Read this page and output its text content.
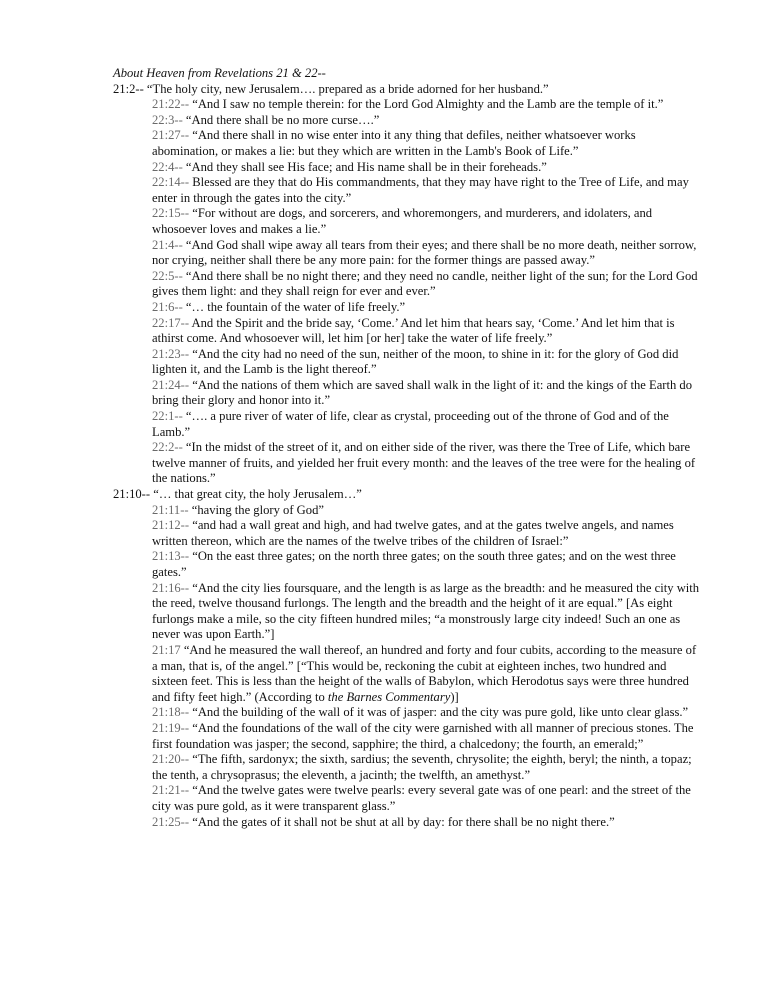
About Heaven from Revelations 21 & 22--

21:2-- “The holy city, new Jerusalem…. prepared as a bride adorned for her husband.”

21:22-- “And I saw no temple therein: for the Lord God Almighty and the Lamb are the temple of it.”

22:3-- “And there shall be no more curse….”

21:27-- “And there shall in no wise enter into it any thing that defiles, neither whatsoever works abomination, or makes a lie: but they which are written in the Lamb's Book of Life.”

22:4-- “And they shall see His face; and His name shall be in their foreheads.”

22:14-- Blessed are they that do His commandments, that they may have right to the Tree of Life, and may enter in through the gates into the city.”

22:15-- “For without are dogs, and sorcerers, and whoremongers, and murderers, and idolaters, and whosoever loves and makes a lie.”

21:4-- “And God shall wipe away all tears from their eyes; and there shall be no more death, neither sorrow, nor crying, neither shall there be any more pain: for the former things are passed away.”

22:5-- “And there shall be no night there; and they need no candle, neither light of the sun; for the Lord God gives them light: and they shall reign for ever and ever.”

21:6-- “… the fountain of the water of life freely.”

22:17-- And the Spirit and the bride say, ‘Come.’ And let him that hears say, ‘Come.’ And let him that is athirst come. And whosoever will, let him [or her] take the water of life freely.”

21:23-- “And the city had no need of the sun, neither of the moon, to shine in it: for the glory of God did lighten it, and the Lamb is the light thereof.”

21:24-- “And the nations of them which are saved shall walk in the light of it: and the kings of the Earth do bring their glory and honor into it.”

22:1-- “…. a pure river of water of life, clear as crystal, proceeding out of the throne of God and of the Lamb.”

22:2-- “In the midst of the street of it, and on either side of the river, was there the Tree of Life, which bare twelve manner of fruits, and yielded her fruit every month: and the leaves of the tree were for the healing of the nations.”

21:10-- “… that great city, the holy Jerusalem…”

21:11-- “having the glory of God”

21:12-- “and had a wall great and high, and had twelve gates, and at the gates twelve angels, and names written thereon, which are the names of the twelve tribes of the children of Israel:”

21:13-- “On the east three gates; on the north three gates; on the south three gates; and on the west three gates.”

21:16-- “And the city lies foursquare, and the length is as large as the breadth: and he measured the city with the reed, twelve thousand furlongs. The length and the breadth and the height of it are equal.” [As eight furlongs make a mile, so the city fifteen hundred miles; “a monstrously large city indeed! Such an one as never was upon Earth.”]

21:17 “And he measured the wall thereof, an hundred and forty and four cubits, according to the measure of a man, that is, of the angel.” [“This would be, reckoning the cubit at eighteen inches, two hundred and sixteen feet. This is less than the height of the walls of Babylon, which Herodotus says were three hundred and fifty feet high.” (According to the Barnes Commentary)]

21:18-- “And the building of the wall of it was of jasper: and the city was pure gold, like unto clear glass.”

21:19-- “And the foundations of the wall of the city were garnished with all manner of precious stones. The first foundation was jasper; the second, sapphire; the third, a chalcedony; the fourth, an emerald;”

21:20-- “The fifth, sardonyx; the sixth, sardius; the seventh, chrysolite; the eighth, beryl; the ninth, a topaz; the tenth, a chrysoprasus; the eleventh, a jacinth; the twelfth, an amethyst.”

21:21-- “And the twelve gates were twelve pearls: every several gate was of one pearl: and the street of the city was pure gold, as it were transparent glass.”

21:25-- “And the gates of it shall not be shut at all by day: for there shall be no night there.”
